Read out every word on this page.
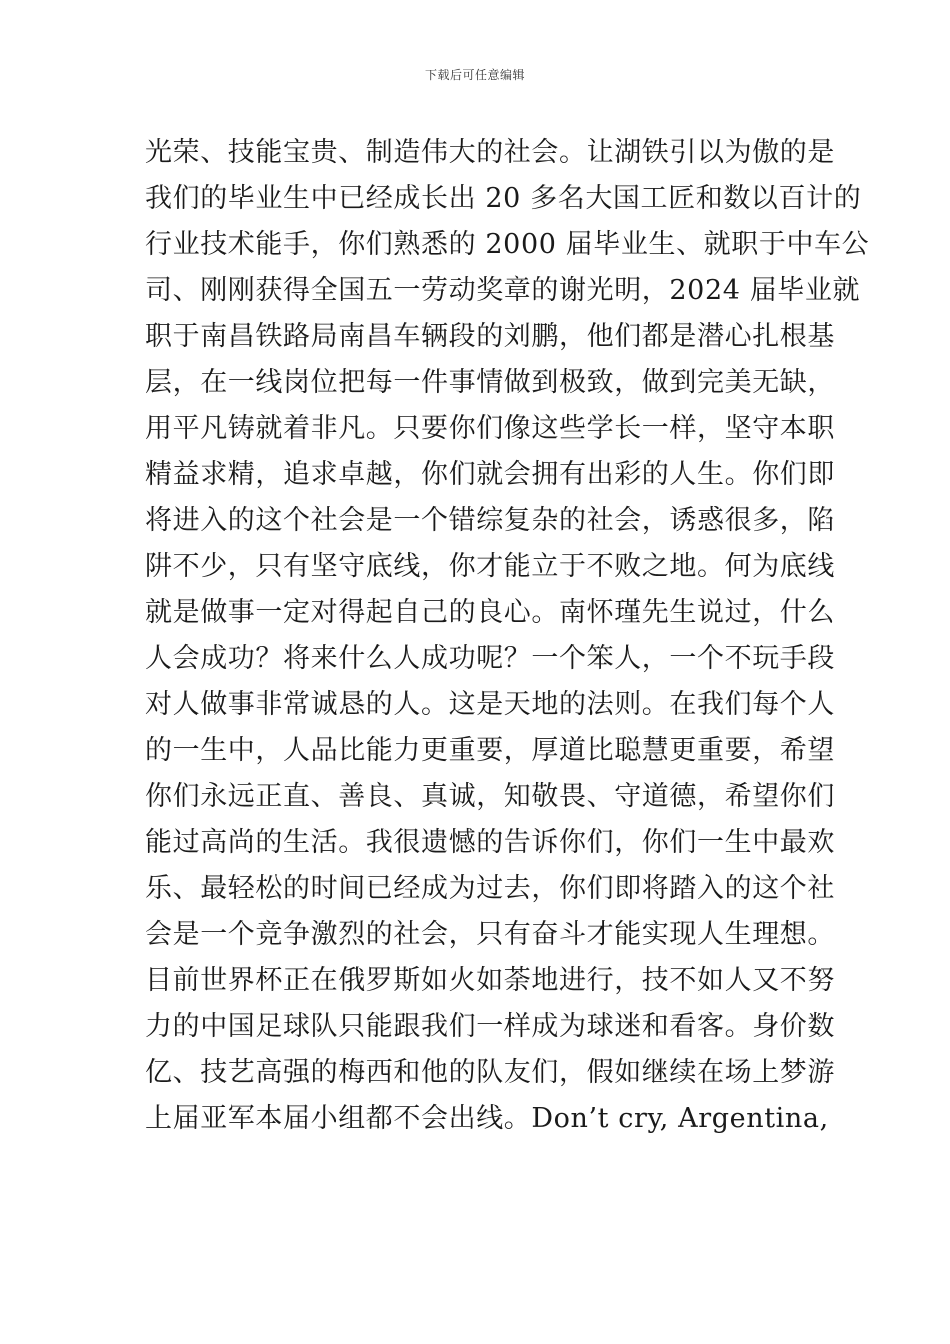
下载后可任意编辑
光荣、技能宝贵、制造伟大的社会。让湖铁引以为傲的是
我们的毕业生中已经成长出 20 多名大国工匠和数以百计的
行业技术能手，你们熟悉的 2000 届毕业生、就职于中车公
司、刚刚获得全国五一劳动奖章的谢光明，2024 届毕业就
职于南昌铁路局南昌车辆段的刘鹏，他们都是潜心扎根基
层，在一线岗位把每一件事情做到极致，做到完美无缺，
用平凡铸就着非凡。只要你们像这些学长一样，坚守本职
精益求精，追求卓越，你们就会拥有出彩的人生。你们即
将进入的这个社会是一个错综复杂的社会，诱惑很多，陷
阱不少，只有坚守底线，你才能立于不败之地。何为底线
就是做事一定对得起自己的良心。南怀瑾先生说过，什么
人会成功？将来什么人成功呢？一个笨人，一个不玩手段
对人做事非常诚恳的人。这是天地的法则。在我们每个人
的一生中，人品比能力更重要，厚道比聪慧更重要，希望
你们永远正直、善良、真诚，知敬畏、守道德，希望你们
能过高尚的生活。我很遗憾的告诉你们，你们一生中最欢
乐、最轻松的时间已经成为过去，你们即将踏入的这个社
会是一个竞争激烈的社会，只有奋斗才能实现人生理想。
目前世界杯正在俄罗斯如火如荼地进行，技不如人又不努
力的中国足球队只能跟我们一样成为球迷和看客。身价数
亿、技艺高强的梅西和他的队友们，假如继续在场上梦游
上届亚军本届小组都不会出线。Don’t cry, Argentina,
